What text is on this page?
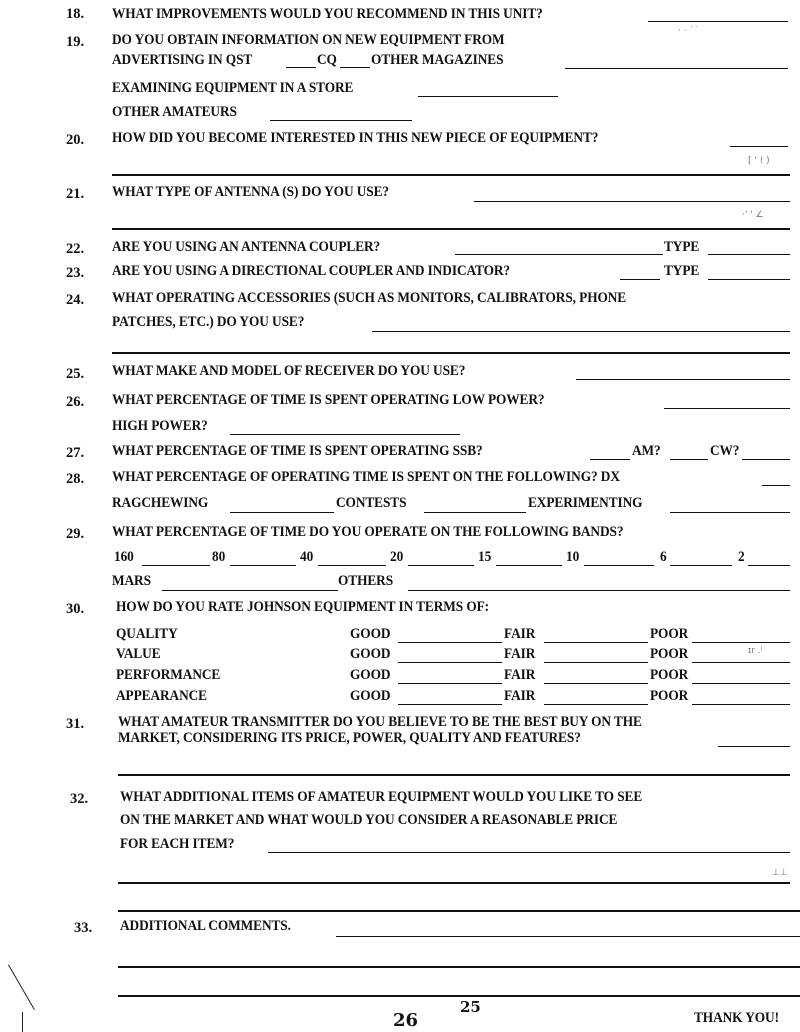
18. WHAT IMPROVEMENTS WOULD YOU RECOMMEND IN THIS UNIT?
19. DO YOU OBTAIN INFORMATION ON NEW EQUIPMENT FROM
ADVERTISING IN QST	CQ OTHER MAGAZINES
EXAMINING EQUIPMENT IN A STORE
OTHER AMATEURS
20. HOW DID YOU BECOME INTERESTED IN THIS NEW PIECE OF EQUIPMENT?
21. WHAT TYPE OF ANTENNA (S) DO YOU USE?
22. ARE YOU USING AN ANTENNA COUPLER?	TYPE
23. ARE YOU USING A DIRECTIONAL COUPLER AND INDICATOR?	TYPE
24. WHAT OPERATING ACCESSORIES (SUCH AS MONITORS, CALIBRATORS, PHONE
PATCHES, ETC.) DO YOU USE?
25. WHAT MAKE AND MODEL OF RECEIVER DO YOU USE?
26. WHAT PERCENTAGE OF TIME IS SPENT OPERATING LOW POWER?
HIGH POWER?
27. WHAT PERCENTAGE OF TIME IS SPENT OPERATING SSB?	AM?	CW?
28. WHAT PERCENTAGE OF OPERATING TIME IS SPENT ON THE FOLLOWING? DX
RAGCHEWING	CONTESTS	EXPERIMENTING
29. WHAT PERCENTAGE OF TIME DO YOU OPERATE ON THE FOLLOWING BANDS?
160	80	40	20	15	10	6	2
MARS	OTHERS
30. HOW DO YOU RATE JOHNSON EQUIPMENT IN TERMS OF:
QUALITY	GOOD	FAIR	POOR
VALUE	GOOD	FAIR	POOR
PERFORMANCE	GOOD	FAIR	POOR
APPEARANCE	GOOD	FAIR	POOR
31. WHAT AMATEUR TRANSMITTER DO YOU BELIEVE TO BE THE BEST BUY ON THE
MARKET, CONSIDERING ITS PRICE, POWER, QUALITY AND FEATURES?
32. WHAT ADDITIONAL ITEMS OF AMATEUR EQUIPMENT WOULD YOU LIKE TO SEE
ON THE MARKET AND WHAT WOULD YOU CONSIDER A REASONABLE PRICE
FOR EACH ITEM?
33. ADDITIONAL COMMENTS.
26
25
THANK YOU!
· · ˙˙
[ ' ! )
·' ' ∠
ɪr .ʲ
⊥⊥
